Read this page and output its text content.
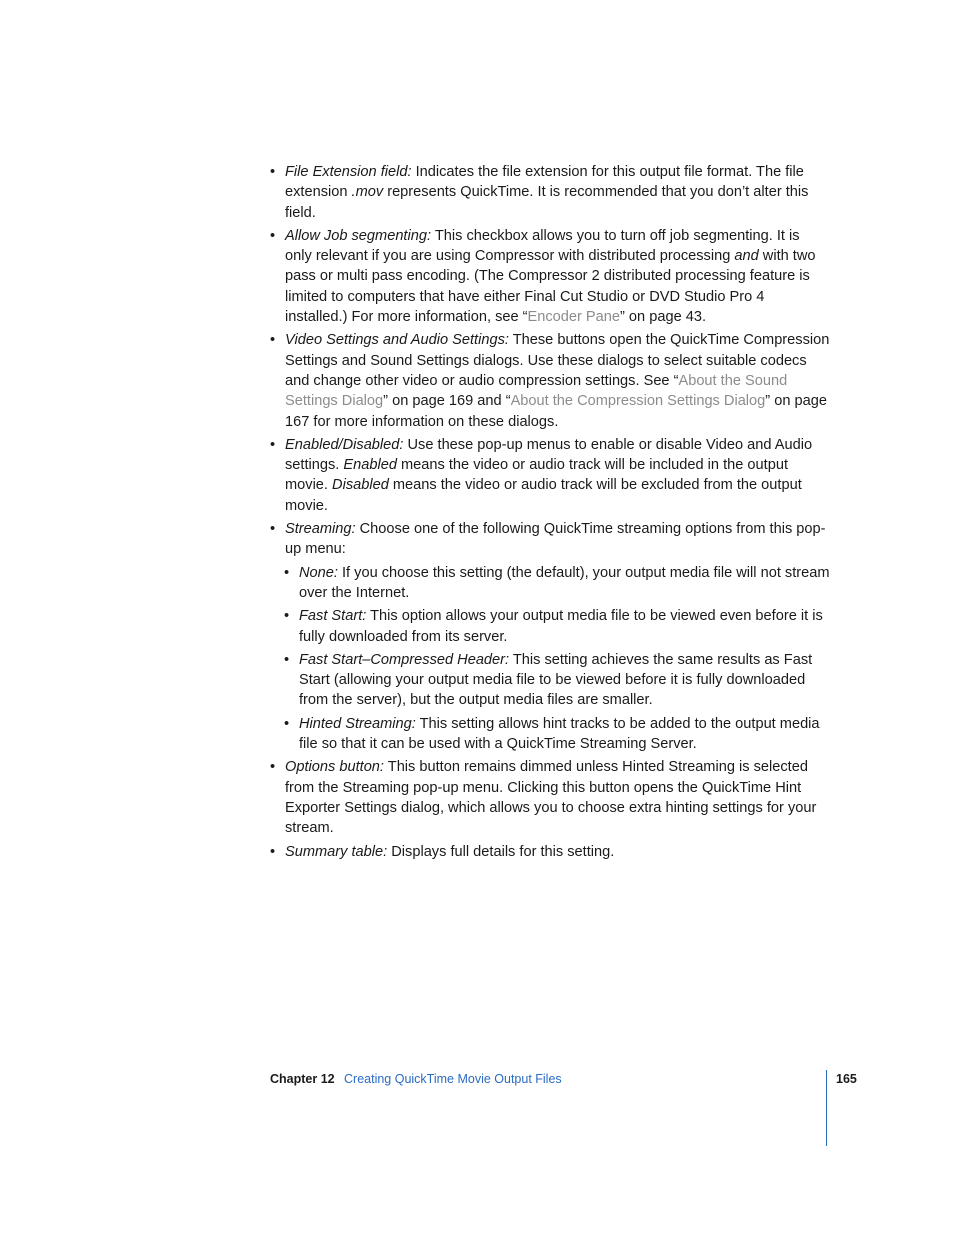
• File Extension field: Indicates the file extension for this output file format. The file extension .mov represents QuickTime. It is recommended that you don’t alter this field.
• Allow Job segmenting: This checkbox allows you to turn off job segmenting. It is only relevant if you are using Compressor with distributed processing and with two pass or multi pass encoding. (The Compressor 2 distributed processing feature is limited to computers that have either Final Cut Studio or DVD Studio Pro 4 installed.) For more information, see “Encoder Pane” on page 43.
• Video Settings and Audio Settings: These buttons open the QuickTime Compression Settings and Sound Settings dialogs. Use these dialogs to select suitable codecs and change other video or audio compression settings. See “About the Sound Settings Dialog” on page 169 and “About the Compression Settings Dialog” on page 167 for more information on these dialogs.
• Enabled/Disabled: Use these pop-up menus to enable or disable Video and Audio settings. Enabled means the video or audio track will be included in the output movie. Disabled means the video or audio track will be excluded from the output movie.
• Streaming: Choose one of the following QuickTime streaming options from this pop-up menu:
• None: If you choose this setting (the default), your output media file will not stream over the Internet.
• Fast Start: This option allows your output media file to be viewed even before it is fully downloaded from its server.
• Fast Start–Compressed Header: This setting achieves the same results as Fast Start (allowing your output media file to be viewed before it is fully downloaded from the server), but the output media files are smaller.
• Hinted Streaming: This setting allows hint tracks to be added to the output media file so that it can be used with a QuickTime Streaming Server.
• Options button: This button remains dimmed unless Hinted Streaming is selected from the Streaming pop-up menu. Clicking this button opens the QuickTime Hint Exporter Settings dialog, which allows you to choose extra hinting settings for your stream.
• Summary table: Displays full details for this setting.
Chapter 12 Creating QuickTime Movie Output Files	165
